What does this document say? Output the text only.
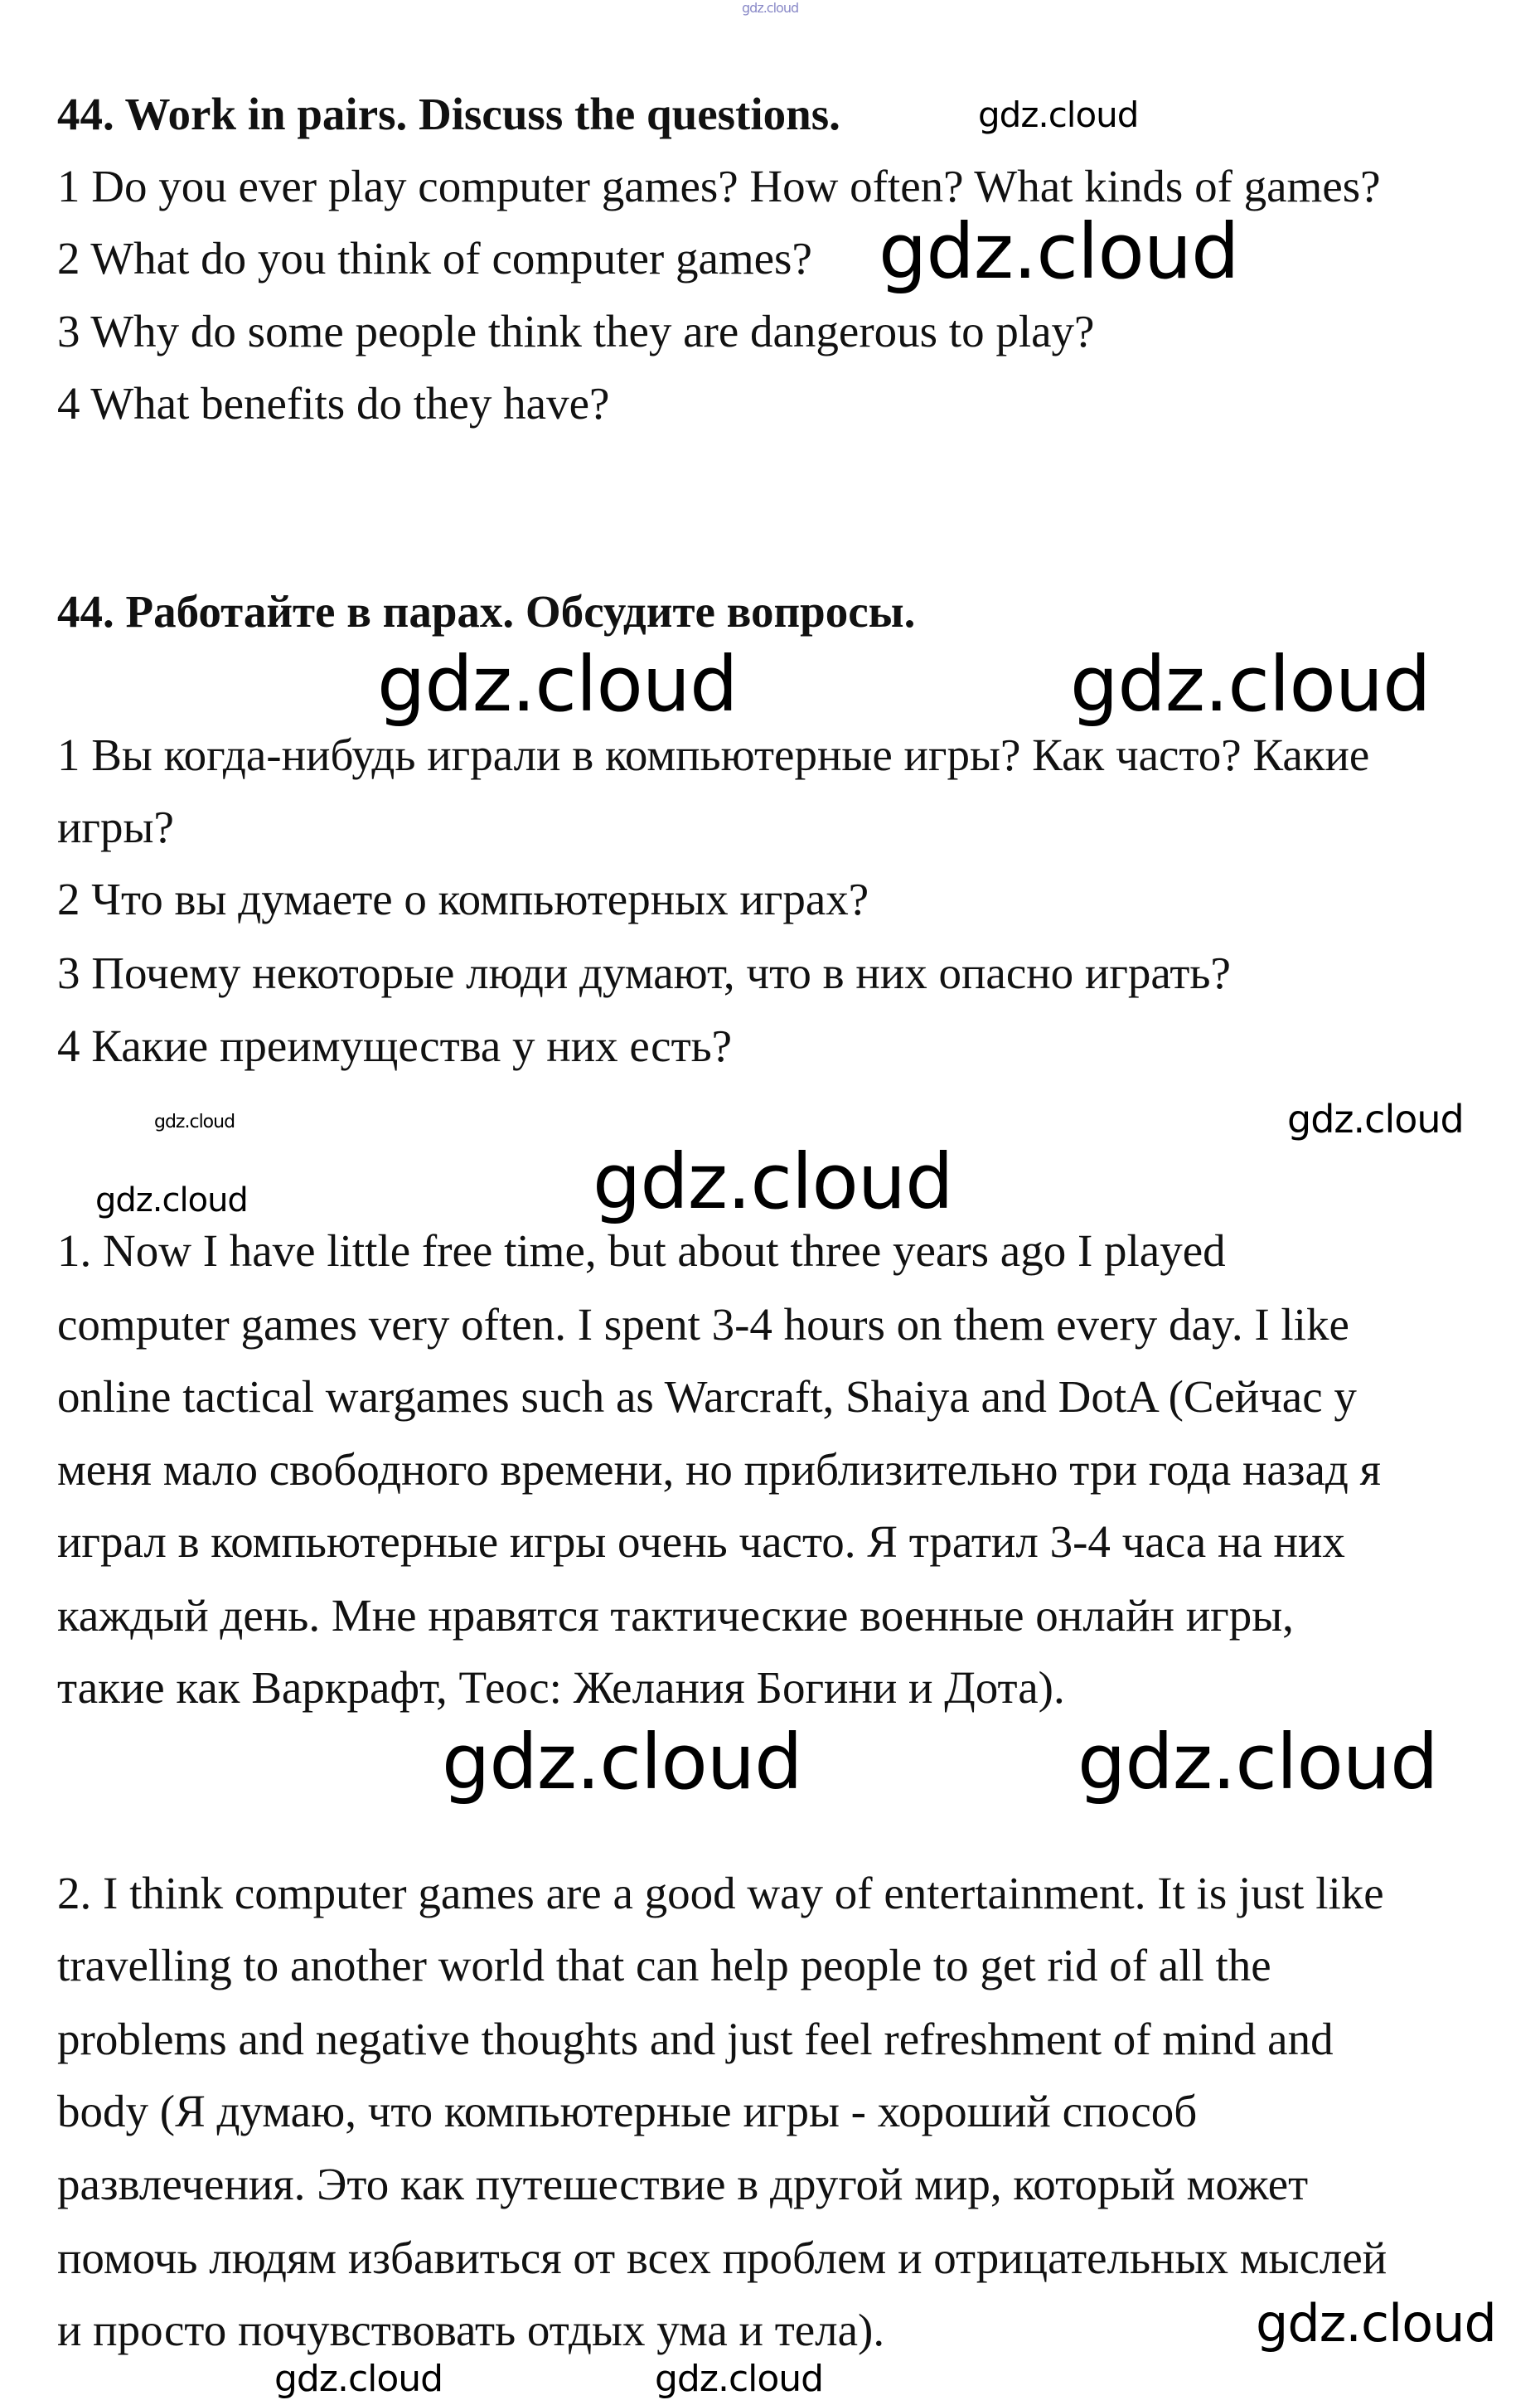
gdz.cloud
44. Work in pairs. Discuss the questions.
1 Do you ever play computer games? How often? What kinds of games?
2 What do you think of computer games?
3 Why do some people think they are dangerous to play?
4 What benefits do they have?
44. Работайте в парах. Обсудите вопросы.
1 Вы когда-нибудь играли в компьютерные игры? Как часто? Какие
игры?
2 Что вы думаете о компьютерных играх?
3 Почему некоторые люди думают, что в них опасно играть?
4 Какие преимущества у них есть?
1. Now I have little free time, but about three years ago I played
computer games very often. I spent 3-4 hours on them every day. I like
online tactical wargames such as Warcraft, Shaiya and DotA (Сейчас у
меня мало свободного времени, но приблизительно три года назад я
играл в компьютерные игры очень часто. Я тратил 3-4 часа на них
каждый день. Мне нравятся тактические военные онлайн игры,
такие как Варкрафт, Теос: Желания Богини и Дота).
2. I think computer games are a good way of entertainment. It is just like
travelling to another world that can help people to get rid of all the
problems and negative thoughts and just feel refreshment of mind and
body (Я думаю, что компьютерные игры - хороший способ
развлечения. Это как путешествие в другой мир, который может
помочь людям избавиться от всех проблем и отрицательных мыслей
и просто почувствовать отдых ума и тела).
gdz.cloud
gdz.cloud
gdz.cloud	gdz.cloud
gdz.cloud	gdz.cloud
gdz.cloud
gdz.cloud
gdz.cloud
gdz.cloud
gdz.cloud	gdz.cloud
gdz.cloud
